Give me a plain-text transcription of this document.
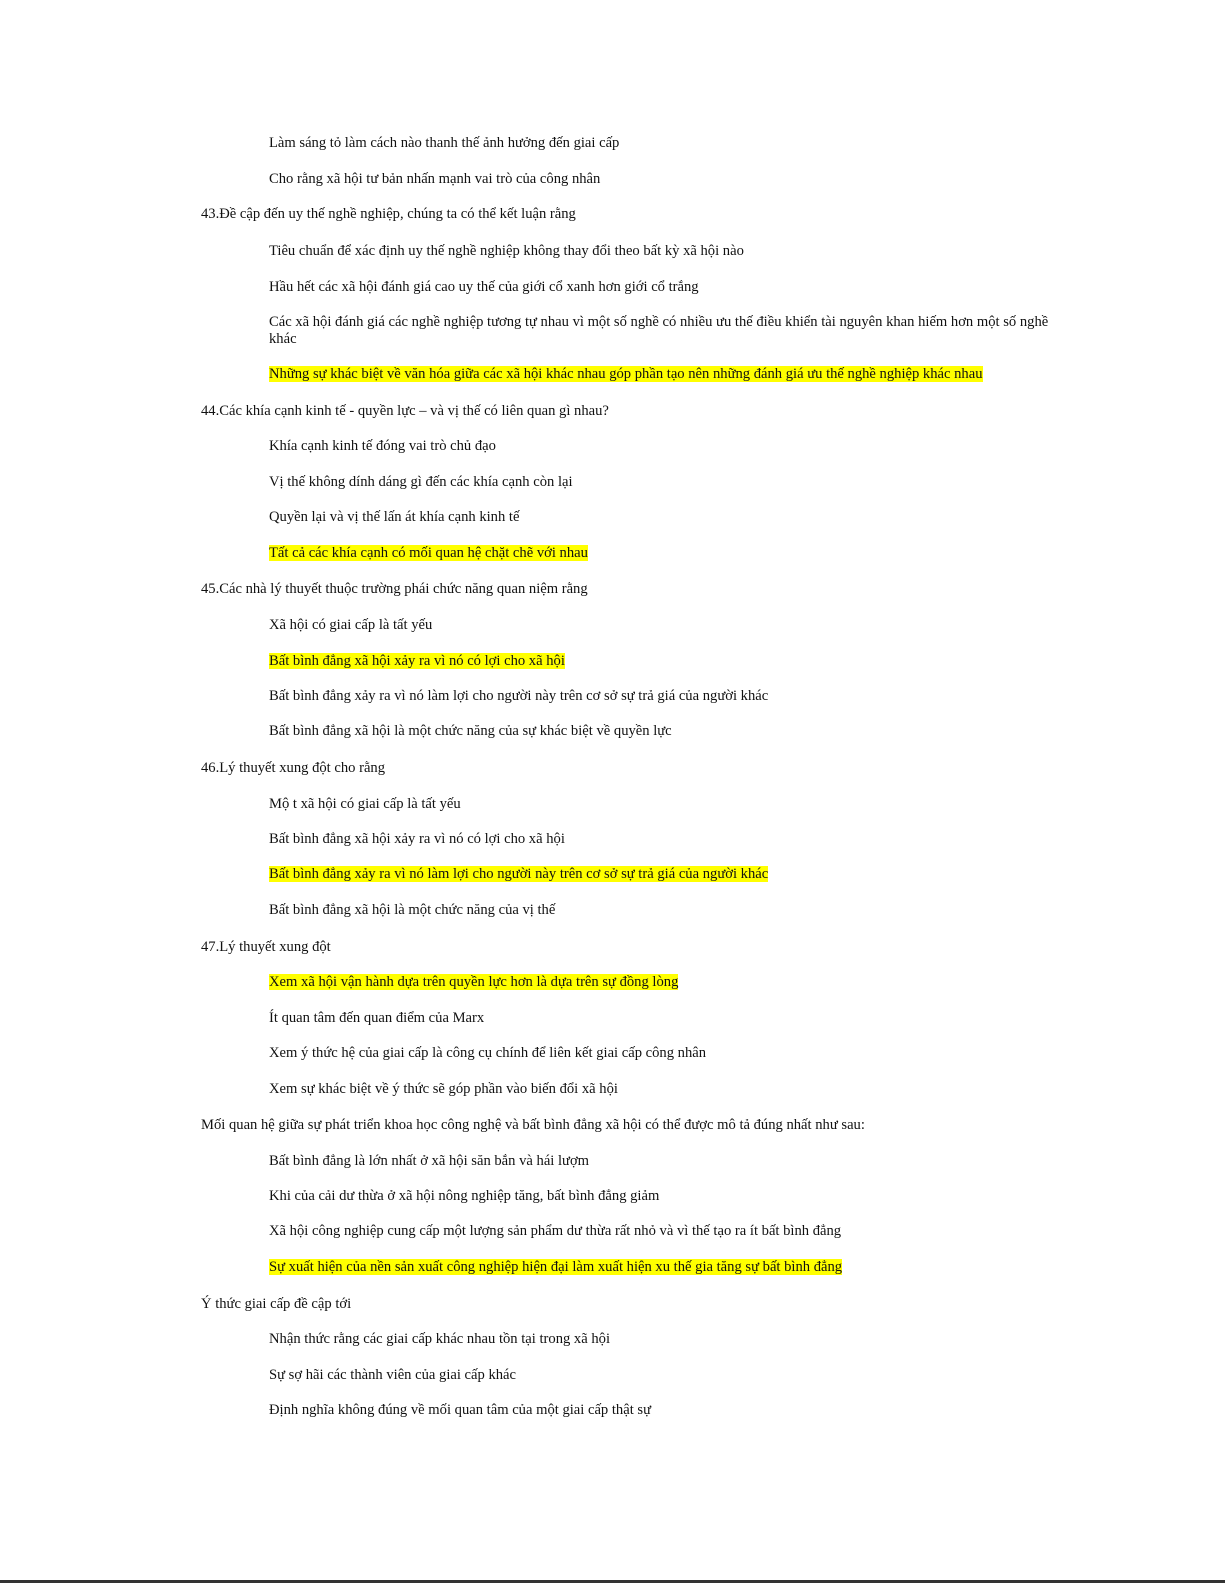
Làm sáng tỏ làm cách nào thanh thế ảnh hưởng đến giai cấp
Cho rằng xã hội tư bản nhấn mạnh vai trò của công nhân
43.Đề cập đến uy thế nghề nghiệp, chúng ta có thể kết luận rằng
Tiêu chuẩn để xác định uy thế nghề nghiệp không thay đổi theo bất kỳ xã hội nào
Hầu hết các xã hội đánh giá cao uy thế của giới cổ xanh hơn giới cổ trắng
Các xã hội đánh giá các nghề nghiệp tương tự nhau vì một số nghề có nhiều ưu thế điều khiển tài nguyên khan hiếm hơn một số nghề khác
Những sự khác biệt về văn hóa giữa các xã hội khác nhau góp phần tạo nên những đánh giá ưu thế nghề nghiệp khác nhau
44.Các khía cạnh kinh tế - quyền lực – và vị thế có liên quan gì nhau?
Khía cạnh kinh tế đóng vai trò chủ đạo
Vị thế không dính dáng gì đến các khía cạnh còn lại
Quyền lại và vị thế lấn át khía cạnh kinh tế
Tất cả các khía cạnh có mối quan hệ chặt chẽ với nhau
45.Các nhà lý thuyết thuộc trường phái chức năng quan niệm rằng
Xã hội có giai cấp là tất yếu
Bất bình đẳng xã hội xảy ra vì nó có lợi cho xã hội
Bất bình đẳng xảy ra vì nó làm lợi cho người này trên cơ sở sự trả giá của người khác
Bất bình đẳng xã hội là một chức năng của sự khác biệt về quyền lực
46.Lý thuyết xung đột cho rằng
Mộ t xã hội có giai cấp là tất yếu
Bất bình đẳng xã hội xảy ra vì nó có lợi cho xã hội
Bất bình đẳng xảy ra vì nó làm lợi cho người này trên cơ sở sự trả giá của người khác
Bất bình đẳng xã hội là một chức năng của vị thế
47.Lý thuyết xung đột
Xem xã hội vận hành dựa trên quyền lực hơn là dựa trên sự đồng lòng
Ít quan tâm đến quan điểm của Marx
Xem ý thức hệ của giai cấp là công cụ chính để liên kết giai cấp công nhân
Xem sự khác biệt về ý thức sẽ góp phần vào biến đổi xã hội
Mối quan hệ giữa sự phát triển khoa học công nghệ và bất bình đẳng xã hội có thể được mô tả đúng nhất như sau:
Bất bình đẳng là lớn nhất ở xã hội săn bắn và hái lượm
Khi của cải dư thừa ở xã hội nông nghiệp tăng, bất bình đẳng giảm
Xã hội công nghiệp cung cấp một lượng sản phẩm dư thừa rất nhỏ và vì thế tạo ra ít bất bình đẳng
Sự xuất hiện của nền sản xuất công nghiệp hiện đại làm xuất hiện xu thế gia tăng sự bất bình đẳng
Ý thức giai cấp đề cập tới
Nhận thức rằng các giai cấp khác nhau tồn tại trong xã hội
Sự sợ hãi các thành viên của giai cấp khác
Định nghĩa không đúng về mối quan tâm của một giai cấp thật sự
